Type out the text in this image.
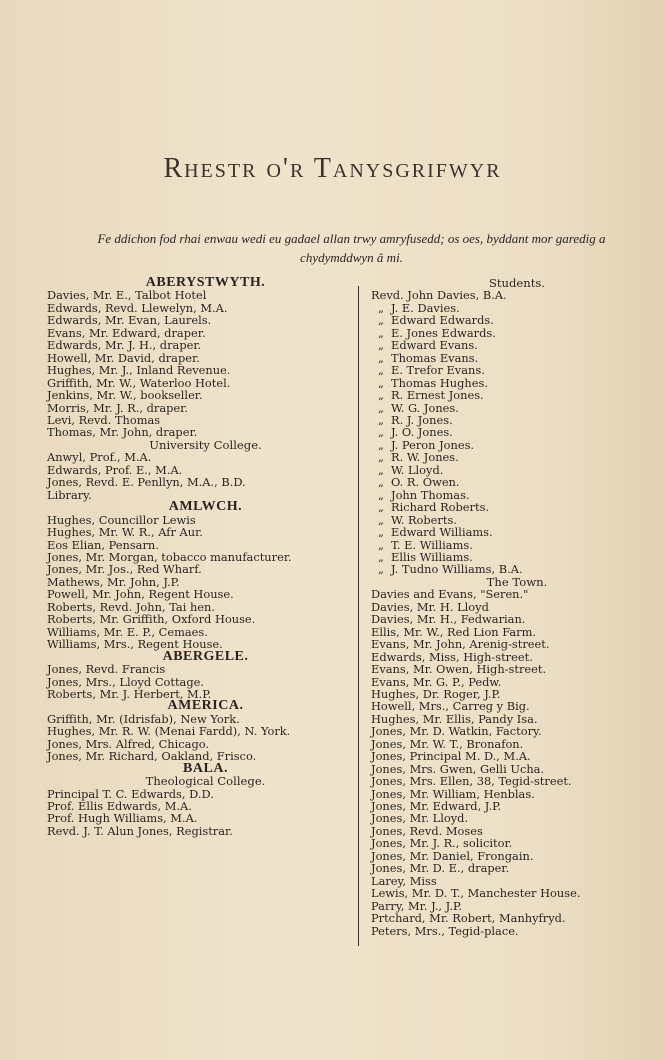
Rhestr o'r Tanysgrifwyr
Fe ddichon fod rhai enwau wedi eu gadael allan trwy amryfusedd; os oes, byddant mor garedig a chydymddwyn â mi.
ABERYSTWYTH.
Davies, Mr. E., Talbot Hotel
Edwards, Revd. Llewelyn, M.A.
Edwards, Mr. Evan, Laurels.
Evans, Mr. Edward, draper.
Edwards, Mr. J. H., draper.
Howell, Mr. David, draper.
Hughes, Mr. J., Inland Revenue.
Griffith, Mr. W., Waterloo Hotel.
Jenkins, Mr. W., bookseller.
Morris, Mr. J. R., draper.
Levi, Revd. Thomas
Thomas, Mr. John, draper.
University College.
Anwyl, Prof., M.A.
Edwards, Prof. E., M.A.
Jones, Revd. E. Penllyn, M.A., B.D.
Library.
AMLWCH.
Hughes, Councillor Lewis
Hughes, Mr. W. R., Afr Aur.
Eos Elian, Pensarn.
Jones, Mr. Morgan, tobacco manufacturer.
Jones, Mr. Jos., Red Wharf.
Mathews, Mr. John, J.P.
Powell, Mr. John, Regent House.
Roberts, Revd. John, Tai hen.
Roberts, Mr. Griffith, Oxford House.
Williams, Mr. E. P., Cemaes.
Williams, Mrs., Regent House.
ABERGELE.
Jones, Revd. Francis
Jones, Mrs., Lloyd Cottage.
Roberts, Mr. J. Herbert, M.P.
AMERICA.
Griffith, Mr. (Idrisfab), New York.
Hughes, Mr. R. W. (Menai Fardd), N. York.
Jones, Mrs. Alfred, Chicago.
Jones, Mr. Richard, Oakland, Frisco.
BALA.
Theological College.
Principal T. C. Edwards, D.D.
Prof. Ellis Edwards, M.A.
Prof. Hugh Williams, M.A.
Revd. J. T. Alun Jones, Registrar.
Students.
Revd. John Davies, B.A.
„ J. E. Davies.
„ Edward Edwards.
„ E. Jones Edwards.
„ Edward Evans.
„ Thomas Evans.
„ E. Trefor Evans.
„ Thomas Hughes.
„ R. Ernest Jones.
„ W. G. Jones.
„ R. J. Jones.
„ J. O. Jones.
„ J. Peron Jones.
„ R. W. Jones.
„ W. Lloyd.
„ O. R. Owen.
„ John Thomas.
„ Richard Roberts.
„ W. Roberts.
„ Edward Williams.
„ T. E. Williams.
„ Ellis Williams.
„ J. Tudno Williams, B.A.
The Town.
Davies and Evans, "Seren."
Davies, Mr. H. Lloyd
Davies, Mr. H., Fedwarian.
Ellis, Mr. W., Red Lion Farm.
Evans, Mr. John, Arenig-street.
Edwards, Miss, High-street.
Evans, Mr. Owen, High-street.
Evans, Mr. G. P., Pedw.
Hughes, Dr. Roger, J.P.
Howell, Mrs., Carreg y Big.
Hughes, Mr. Ellis, Pandy Isa.
Jones, Mr. D. Watkin, Factory.
Jones, Mr. W. T., Bronafon.
Jones, Principal M. D., M.A.
Jones, Mrs. Gwen, Gelli Ucha.
Jones, Mrs. Ellen, 38, Tegid-street.
Jones, Mr. William, Henblas.
Jones, Mr. Edward, J.P.
Jones, Mr. Lloyd.
Jones, Revd. Moses
Jones, Mr. J. R., solicitor.
Jones, Mr. Daniel, Frongain.
Jones, Mr. D. E., draper.
Larey, Miss
Lewis, Mr. D. T., Manchester House.
Parry, Mr. J., J.P.
Prtchard, Mr. Robert, Manhyfryd.
Peters, Mrs., Tegid-place.
